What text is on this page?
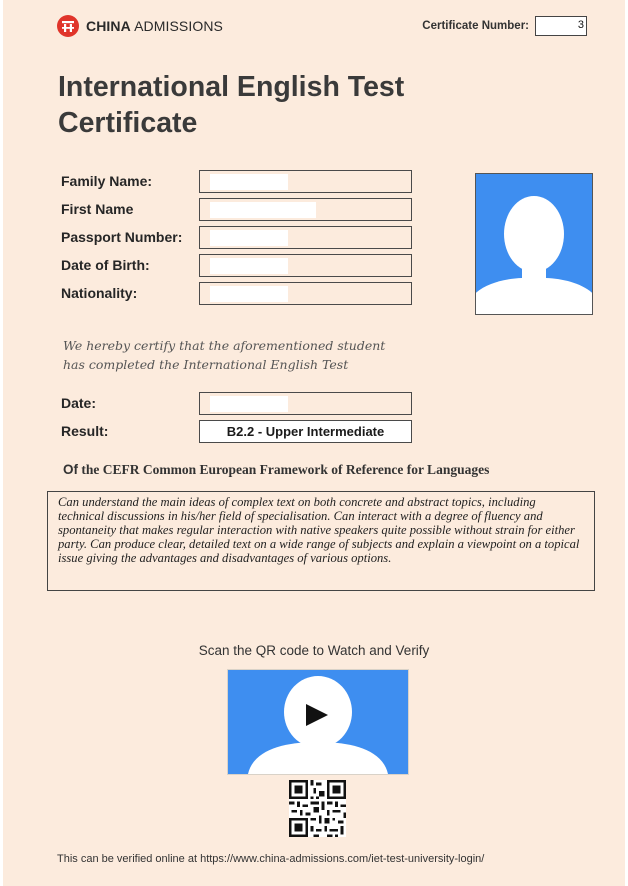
CHINA ADMISSIONS	Certificate Number:	3
International English Test Certificate
Family Name:
First Name
Passport Number:
Date of Birth:
Nationality:

We hereby certify that the aforementioned student has completed the International English Test

Date:
Result:	B2.2 - Upper Intermediate
Of the CEFR Common European Framework of Reference for Languages

Can understand the main ideas of complex text on both concrete and abstract topics, including technical discussions in his/her field of specialisation. Can interact with a degree of fluency and spontaneity that makes regular interaction with native speakers quite possible without strain for either party. Can produce clear, detailed text on a wide range of subjects and explain a viewpoint on a topical issue giving the advantages and disadvantages of various options.

Scan the QR code to Watch and Verify
This can be verified online at https://www.china-admissions.com/iet-test-university-login/
